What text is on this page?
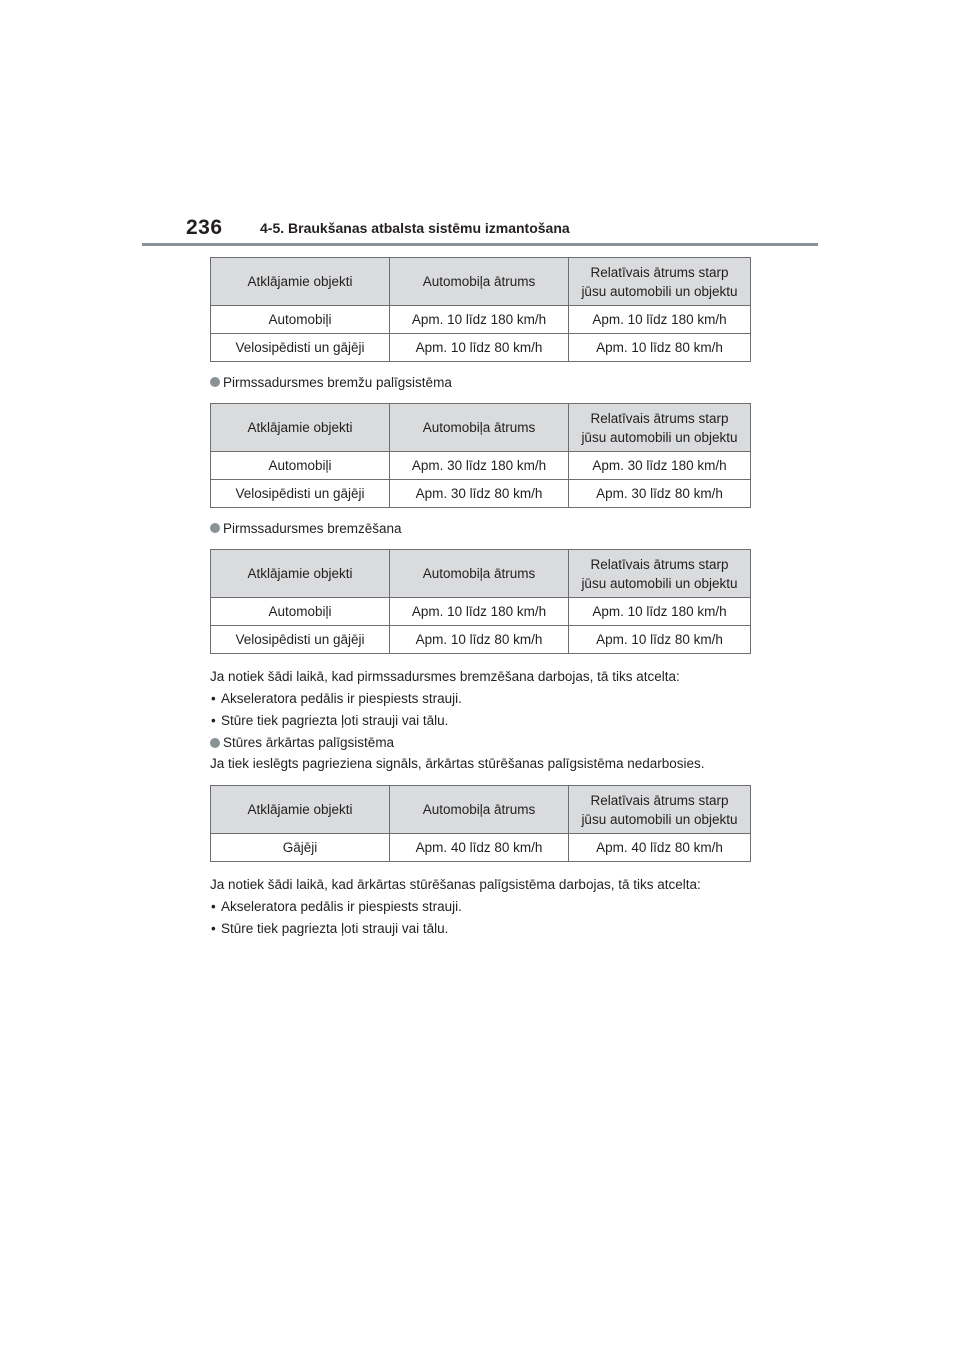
236	4-5. Braukšanas atbalsta sistēmu izmantošana
Atklājamie objekti	Automobiļa ātrums	Relatīvais ātrums starp
jūsu automobili un objektu
Automobiļi	Apm. 10 līdz 180 km/h	Apm. 10 līdz 180 km/h
Velosipēdisti un gājēji	Apm. 10 līdz 80 km/h	Apm. 10 līdz 80 km/h
Pirmssadursmes bremžu palīgsistēma
Atklājamie objekti	Automobiļa ātrums	Relatīvais ātrums starp
jūsu automobili un objektu
Automobiļi	Apm. 30 līdz 180 km/h	Apm. 30 līdz 180 km/h
Velosipēdisti un gājēji	Apm. 30 līdz 80 km/h	Apm. 30 līdz 80 km/h
Pirmssadursmes bremzēšana
Atklājamie objekti	Automobiļa ātrums	Relatīvais ātrums starp
jūsu automobili un objektu
Automobiļi	Apm. 10 līdz 180 km/h	Apm. 10 līdz 180 km/h
Velosipēdisti un gājēji	Apm. 10 līdz 80 km/h	Apm. 10 līdz 80 km/h

Ja notiek šādi laikā, kad pirmssadursmes bremzēšana darbojas, tā tiks atcelta:

• Akseleratora pedālis ir piespiests strauji.

• Stūre tiek pagriezta ļoti strauji vai tālu.

Stūres ārkārtas palīgsistēma

Ja tiek ieslēgts pagrieziena signāls, ārkārtas stūrēšanas palīgsistēma nedarbosies.

Atklājamie objekti	Automobiļa ātrums	Relatīvais ātrums starp
jūsu automobili un objektu
Gājēji	Apm. 40 līdz 80 km/h	Apm. 40 līdz 80 km/h

Ja notiek šādi laikā, kad ārkārtas stūrēšanas palīgsistēma darbojas, tā tiks atcelta:

• Akseleratora pedālis ir piespiests strauji.

• Stūre tiek pagriezta ļoti strauji vai tālu.
